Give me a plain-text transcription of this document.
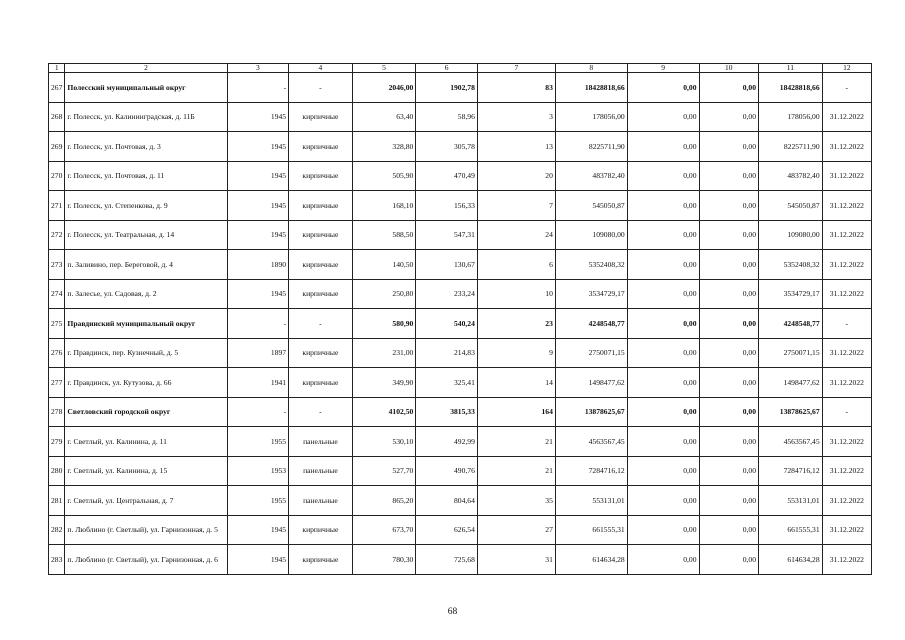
1	2	3	4	5	6	7	8	9	10	11	12
267	Полесский муниципальный округ	-	-	2046,00	1902,78	83	18428818,66	0,00	0,00	18428818,66	-
268	г. Полесск, ул. Калининградская, д. 11Б	1945	кирпичные	63,40	58,96	3	178056,00	0,00	0,00	178056,00	31.12.2022
269	г. Полесск, ул. Почтовая, д. 3	1945	кирпичные	328,80	305,78	13	8225711,90	0,00	0,00	8225711,90	31.12.2022
270	г. Полесск, ул. Почтовая, д. 11	1945	кирпичные	505,90	470,49	20	483782,40	0,00	0,00	483782,40	31.12.2022
271	г. Полесск, ул. Степенкова, д. 9	1945	кирпичные	168,10	156,33	7	545050,87	0,00	0,00	545050,87	31.12.2022
272	г. Полесск, ул. Театральная, д. 14	1945	кирпичные	588,50	547,31	24	109080,00	0,00	0,00	109080,00	31.12.2022
273	п. Заливино, пер. Береговой, д. 4	1890	кирпичные	140,50	130,67	6	5352408,32	0,00	0,00	5352408,32	31.12.2022
274	п. Залесье, ул. Садовая, д. 2	1945	кирпичные	250,80	233,24	10	3534729,17	0,00	0,00	3534729,17	31.12.2022
275	Правдинский муниципальный округ	-	-	580,90	540,24	23	4248548,77	0,00	0,00	4248548,77	-
276	г. Правдинск, пер. Кузнечный, д. 5	1897	кирпичные	231,00	214,83	9	2750071,15	0,00	0,00	2750071,15	31.12.2022
277	г. Правдинск, ул. Кутузова, д. 66	1941	кирпичные	349,90	325,41	14	1498477,62	0,00	0,00	1498477,62	31.12.2022
278	Светловский городской округ	-	-	4102,50	3815,33	164	13878625,67	0,00	0,00	13878625,67	-
279	г. Светлый, ул. Калинина, д. 11	1955	панельные	530,10	492,99	21	4563567,45	0,00	0,00	4563567,45	31.12.2022
280	г. Светлый, ул. Калинина, д. 15	1953	панельные	527,70	490,76	21	7284716,12	0,00	0,00	7284716,12	31.12.2022
281	г. Светлый, ул. Центральная, д. 7	1955	панельные	865,20	804,64	35	553131,01	0,00	0,00	553131,01	31.12.2022
282	п. Люблино (г. Светлый), ул. Гарнизонная, д. 5	1945	кирпичные	673,70	626,54	27	661555,31	0,00	0,00	661555,31	31.12.2022
283	п. Люблино (г. Светлый), ул. Гарнизонная, д. 6	1945	кирпичные	780,30	725,68	31	614634,28	0,00	0,00	614634,28	31.12.2022
68
